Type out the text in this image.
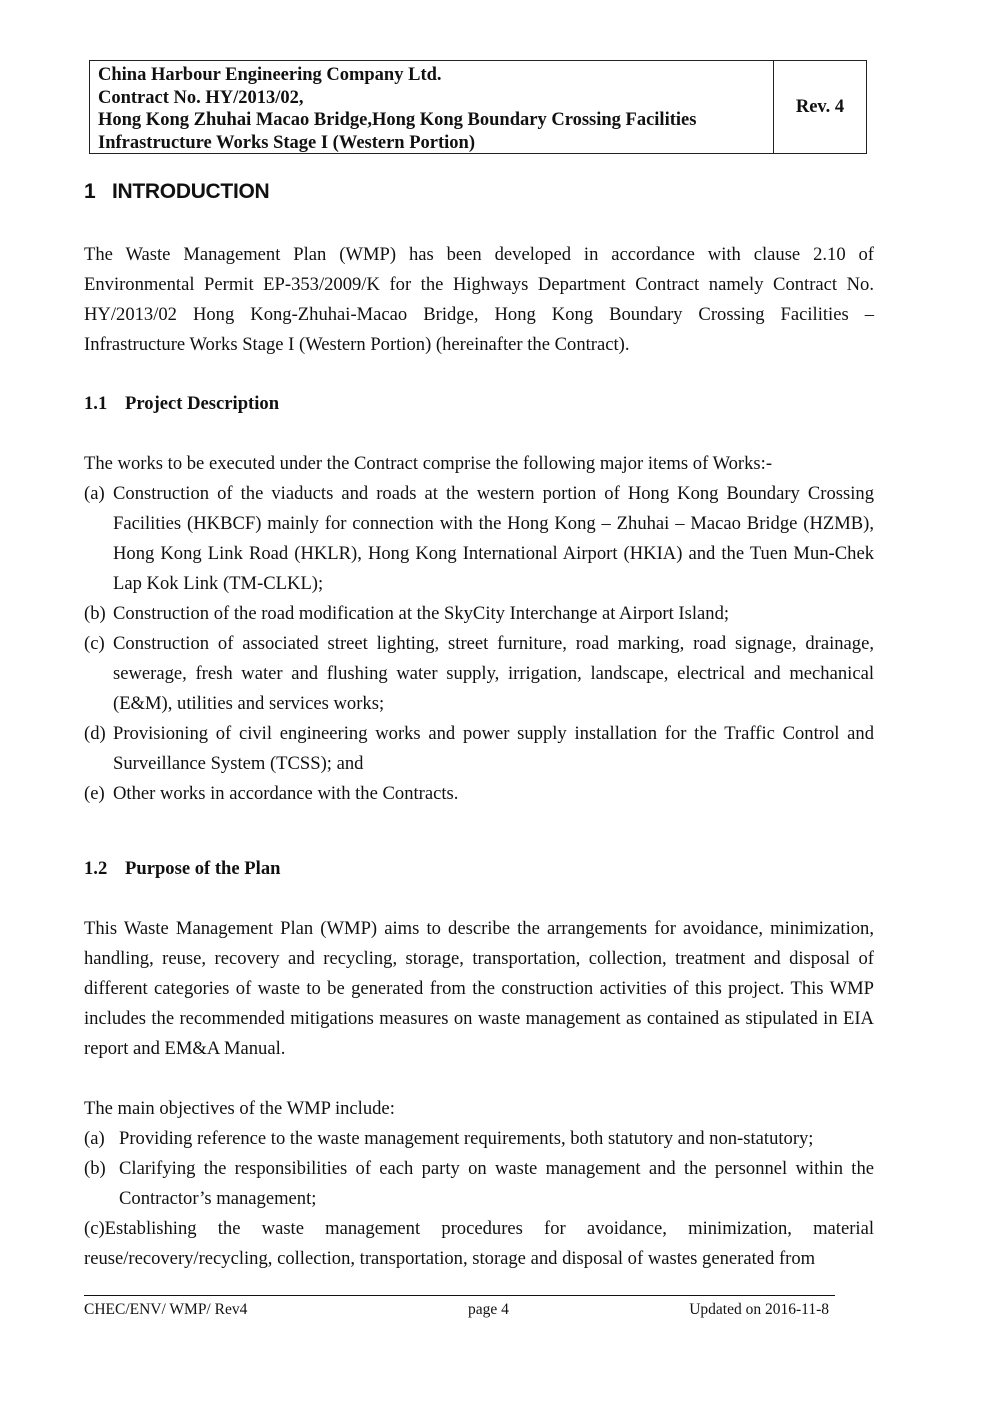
China Harbour Engineering Company Ltd.
Contract No. HY/2013/02,
Hong Kong Zhuhai Macao Bridge,Hong Kong Boundary Crossing Facilities
Infrastructure Works Stage I (Western Portion)
Rev. 4
1 INTRODUCTION
The Waste Management Plan (WMP) has been developed in accordance with clause 2.10 of Environmental Permit EP-353/2009/K for the Highways Department Contract namely Contract No. HY/2013/02 Hong Kong-Zhuhai-Macao Bridge, Hong Kong Boundary Crossing Facilities – Infrastructure Works Stage I (Western Portion) (hereinafter the Contract).
1.1 Project Description
The works to be executed under the Contract comprise the following major items of Works:-
(a) Construction of the viaducts and roads at the western portion of Hong Kong Boundary Crossing Facilities (HKBCF) mainly for connection with the Hong Kong – Zhuhai – Macao Bridge (HZMB), Hong Kong Link Road (HKLR), Hong Kong International Airport (HKIA) and the Tuen Mun-Chek Lap Kok Link (TM-CLKL);
(b) Construction of the road modification at the SkyCity Interchange at Airport Island;
(c) Construction of associated street lighting, street furniture, road marking, road signage, drainage, sewerage, fresh water and flushing water supply, irrigation, landscape, electrical and mechanical (E&M), utilities and services works;
(d) Provisioning of civil engineering works and power supply installation for the Traffic Control and Surveillance System (TCSS); and
(e) Other works in accordance with the Contracts.
1.2 Purpose of the Plan
This Waste Management Plan (WMP) aims to describe the arrangements for avoidance, minimization, handling, reuse, recovery and recycling, storage, transportation, collection, treatment and disposal of different categories of waste to be generated from the construction activities of this project. This WMP includes the recommended mitigations measures on waste management as contained as stipulated in EIA report and EM&A Manual.
The main objectives of the WMP include:
(a) Providing reference to the waste management requirements, both statutory and non-statutory;
(b) Clarifying the responsibilities of each party on waste management and the personnel within the Contractor’s management;
(c)Establishing the waste management procedures for avoidance, minimization, material reuse/recovery/recycling, collection, transportation, storage and disposal of wastes generated from
CHEC/ENV/ WMP/ Rev4	page 4	Updated on 2016-11-8
